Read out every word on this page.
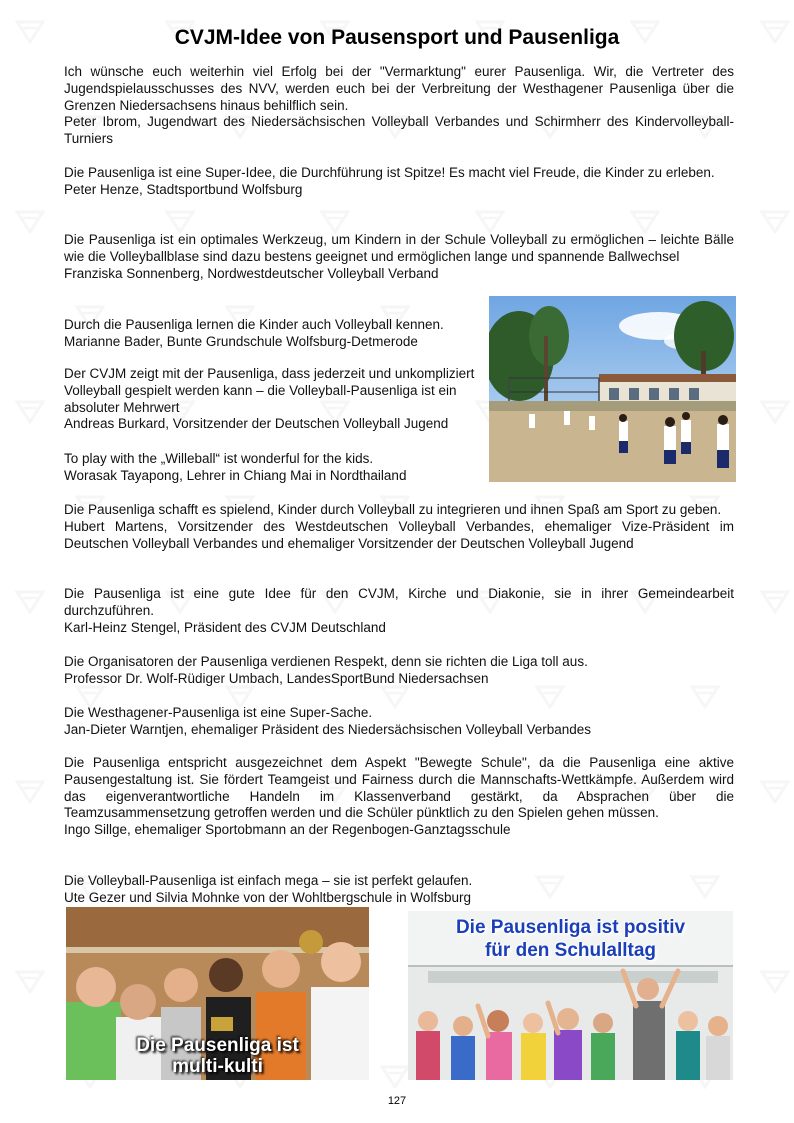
CVJM-Idee von Pausensport und Pausenliga

Ich wünsche euch weiterhin viel Erfolg bei der "Vermarktung" eurer Pausenliga. Wir, die Vertreter des Jugendspielausschusses des NVV, werden euch bei der Verbreitung der Westhagener Pausenliga über die Grenzen Niedersachsens hinaus behilflich sein.

Peter Ibrom, Jugendwart des Niedersächsischen Volleyball Verbandes und Schirmherr des Kindervolleyball-Turniers

Die Pausenliga ist eine Super-Idee, die Durchführung ist Spitze! Es macht viel Freude, die Kinder zu erleben.

Peter Henze, Stadtsportbund Wolfsburg

Die Pausenliga ist ein optimales Werkzeug, um Kindern in der Schule Volleyball zu ermöglichen – leichte Bälle wie die Volleyballblase sind dazu bestens geeignet und ermöglichen lange und spannende Ballwechsel

Franziska Sonnenberg, Nordwestdeutscher Volleyball Verband

Durch die Pausenliga lernen die Kinder auch Volleyball kennen.

Marianne Bader, Bunte Grundschule Wolfsburg-Detmerode

Der CVJM zeigt mit der Pausenliga, dass jederzeit und unkompliziert Volleyball gespielt werden kann – die Volleyball-Pausenliga ist ein absoluter Mehrwert

Andreas Burkard, Vorsitzender der Deutschen Volleyball Jugend

To play with the „Willeball“ ist wonderful for the kids.

Worasak Tayapong, Lehrer in Chiang Mai in Nordthailand

Die Pausenliga schafft es spielend, Kinder durch Volleyball zu integrieren und ihnen Spaß am Sport zu geben.

Hubert Martens, Vorsitzender des Westdeutschen Volleyball Verbandes, ehemaliger Vize-Präsident im Deutschen Volleyball Verbandes und ehemaliger Vorsitzender der Deutschen Volleyball Jugend

Die Pausenliga ist eine gute Idee für den CVJM, Kirche und Diakonie, sie in ihrer Gemeindearbeit durchzuführen.

Karl-Heinz Stengel, Präsident des CVJM Deutschland

Die Organisatoren der Pausenliga verdienen Respekt, denn sie richten die Liga toll aus.

Professor Dr. Wolf-Rüdiger Umbach, LandesSportBund Niedersachsen

Die Westhagener-Pausenliga ist eine Super-Sache.

Jan-Dieter Warntjen, ehemaliger Präsident des Niedersächsischen Volleyball Verbandes

Die Pausenliga entspricht ausgezeichnet dem Aspekt "Bewegte Schule", da die Pausenliga eine aktive Pausengestaltung ist. Sie fördert Teamgeist und Fairness durch die Mannschafts-Wettkämpfe. Außerdem wird das eigenverantwortliche Handeln im Klassenverband gestärkt, da Absprachen über die Teamzusammensetzung getroffen werden und die Schüler pünktlich zu den Spielen gehen müssen.

Ingo Sillge, ehemaliger Sportobmann an der Regenbogen-Ganztagsschule

Die Volleyball-Pausenliga ist einfach mega – sie ist perfekt gelaufen.

Ute Gezer und Silvia Mohnke von der Wohltbergschule in Wolfsburg

Die Pausenliga ist
multi-kulti
Die Pausenliga ist positiv
für den Schulalltag
127
